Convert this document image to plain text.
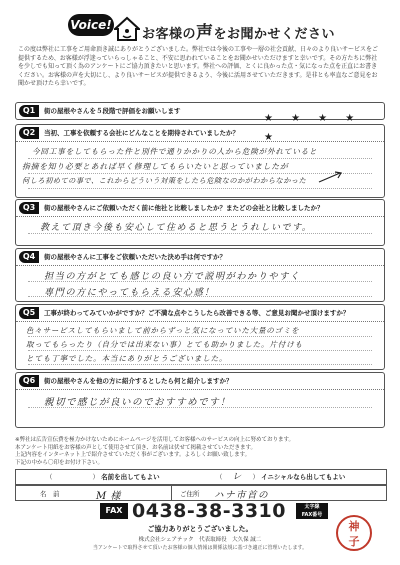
Voice!
お客様の声をお聞かせください
この度は弊社に工事をご用命頂き誠にありがとうございました。弊社では今後の工事や一層の社会貢献、日々のより良いサービスをご提供するため、お客様が浮迷っていらっしゃること、不安に思われていることをお聞かせいただけますと幸いです。その方たちに弊社を少しでも知って頂く為のアンケートにご協力頂きたいと思います。弊社への評価、とくに良かった点・気になった点を正直にお書きください。お客様の声を大切にし、より良いサービスが提供できるよう、今後に活用させていただきます。是非とも率直なご意見をお聞かせ頂けたら幸いです。
Q1	街の屋根やさんを５段階で評価をお願いします
★ ★ ★ ★ ★
Q2	当初、工事を依頼する会社にどんなことを期待されていましたか？
今回工事をしてもらった件と別件で通りかかりの人から危険が外れていると
指摘を知り必要とあれば早く修理してもらいたいと思っていましたが
何しろ初めての事で、これからどういう対策をしたら危険なのかがわからなかった
Q3	街の屋根やさんにご依頼いただく前に他社と比較しましたか？またどの会社と比較しましたか？
教えて頂き今後も安心して住めると思うとうれしいです。
Q4	街の屋根やさんに工事をご依頼いただいた決め手は何ですか？
担当の方がとても感じの良い方で説明がわかりやすく
専門の方にやってもらえる安心感！
Q5	工事が終わってみていかがですか？ご不満な点やこうしたら改善できる等、ご意見お聞かせ頂けますか？
色々サービスしてもらいまして前からずっと気になっていた大量のゴミを
取ってもらったり（自分では出来ない事）とても助かりました。片付けも
とても丁寧でした。本当にありがとうございました。
Q6	街の屋根やさんを他の方に紹介するとしたら何と紹介しますか？
親切で感じが良いのでおすすめです！
※弊社は広告宣伝費を極力かけないためにホームページを活用してお客様へのサービスの向上に努めております。
本アンケート用紙をお客様の声として使用させて頂き、お名前は伏せて掲載させていただきます。
上記内容をインターネット上で紹介させていただく事がございます。よろしくお願い致します。
下記の中から〇印をお付け下さい。
（	） 名前を出してもよい	（ レ ） イニシャルなら出してもよい
名　前	M 様	ご住所 ハナ市首の
FAX 0438-38-3310	太字線
FAX番号
ご協力ありがとうございました。
株式会社シェアテック　代表取締役　大久保 誠二
当アンケートで取得させて頂いたお客様の個人情報は関係法規に基づき適正に管理いたします。
神
子
